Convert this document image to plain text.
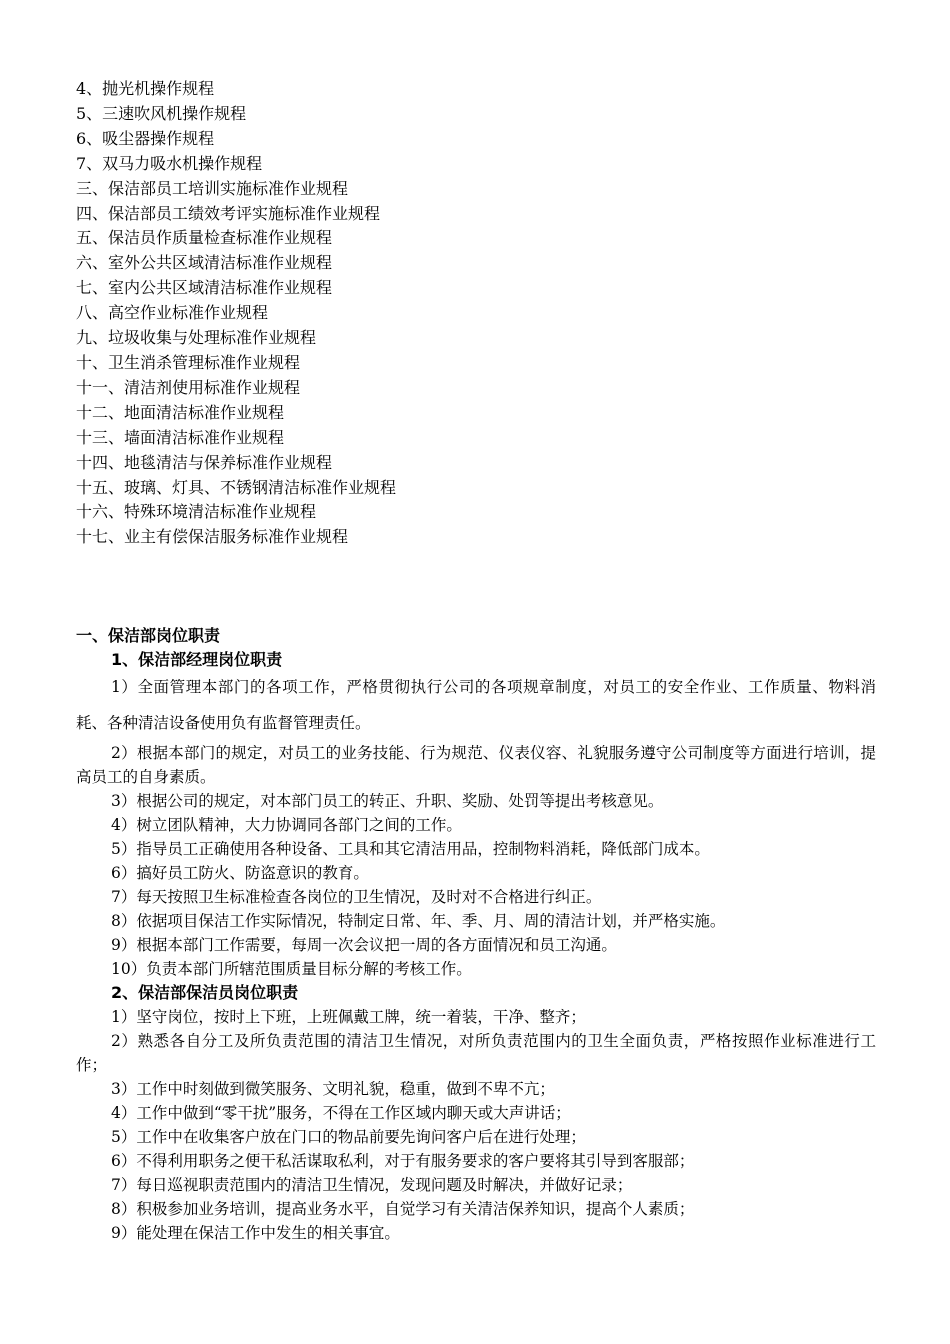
4、抛光机操作规程
5、三速吹风机操作规程
6、吸尘器操作规程
7、双马力吸水机操作规程
三、保洁部员工培训实施标准作业规程
四、保洁部员工绩效考评实施标准作业规程
五、保洁员作质量检查标准作业规程
六、室外公共区域清洁标准作业规程
七、室内公共区域清洁标准作业规程
八、高空作业标准作业规程
九、垃圾收集与处理标准作业规程
十、卫生消杀管理标准作业规程
十一、清洁剂使用标准作业规程
十二、地面清洁标准作业规程
十三、墙面清洁标准作业规程
十四、地毯清洁与保养标准作业规程
十五、玻璃、灯具、不锈钢清洁标准作业规程
十六、特殊环境清洁标准作业规程
十七、业主有偿保洁服务标准作业规程
一、保洁部岗位职责
1、保洁部经理岗位职责

1）全面管理本部门的各项工作，严格贯彻执行公司的各项规章制度，对员工的安全作业、工作质量、物料消耗、各种清洁设备使用负有监督管理责任。

2）根据本部门的规定，对员工的业务技能、行为规范、仪表仪容、礼貌服务遵守公司制度等方面进行培训，提高员工的自身素质。

3）根据公司的规定，对本部门员工的转正、升职、奖励、处罚等提出考核意见。

4）树立团队精神，大力协调同各部门之间的工作。

5）指导员工正确使用各种设备、工具和其它清洁用品，控制物料消耗，降低部门成本。

6）搞好员工防火、防盗意识的教育。

7）每天按照卫生标准检查各岗位的卫生情况，及时对不合格进行纠正。

8）依据项目保洁工作实际情况，特制定日常、年、季、月、周的清洁计划，并严格实施。

9）根据本部门工作需要，每周一次会议把一周的各方面情况和员工沟通。

10）负责本部门所辖范围质量目标分解的考核工作。

2、保洁部保洁员岗位职责

1）坚守岗位，按时上下班，上班佩戴工牌，统一着装，干净、整齐；

2）熟悉各自分工及所负责范围的清洁卫生情况，对所负责范围内的卫生全面负责，严格按照作业标准进行工作；

3）工作中时刻做到微笑服务、文明礼貌，稳重，做到不卑不亢；

4）工作中做到“零干扰”服务，不得在工作区域内聊天或大声讲话；

5）工作中在收集客户放在门口的物品前要先询问客户后在进行处理；

6）不得利用职务之便干私活谋取私利，对于有服务要求的客户要将其引导到客服部；

7）每日巡视职责范围内的清洁卫生情况，发现问题及时解决，并做好记录；

8）积极参加业务培训，提高业务水平，自觉学习有关清洁保养知识，提高个人素质；

9）能处理在保洁工作中发生的相关事宜。
